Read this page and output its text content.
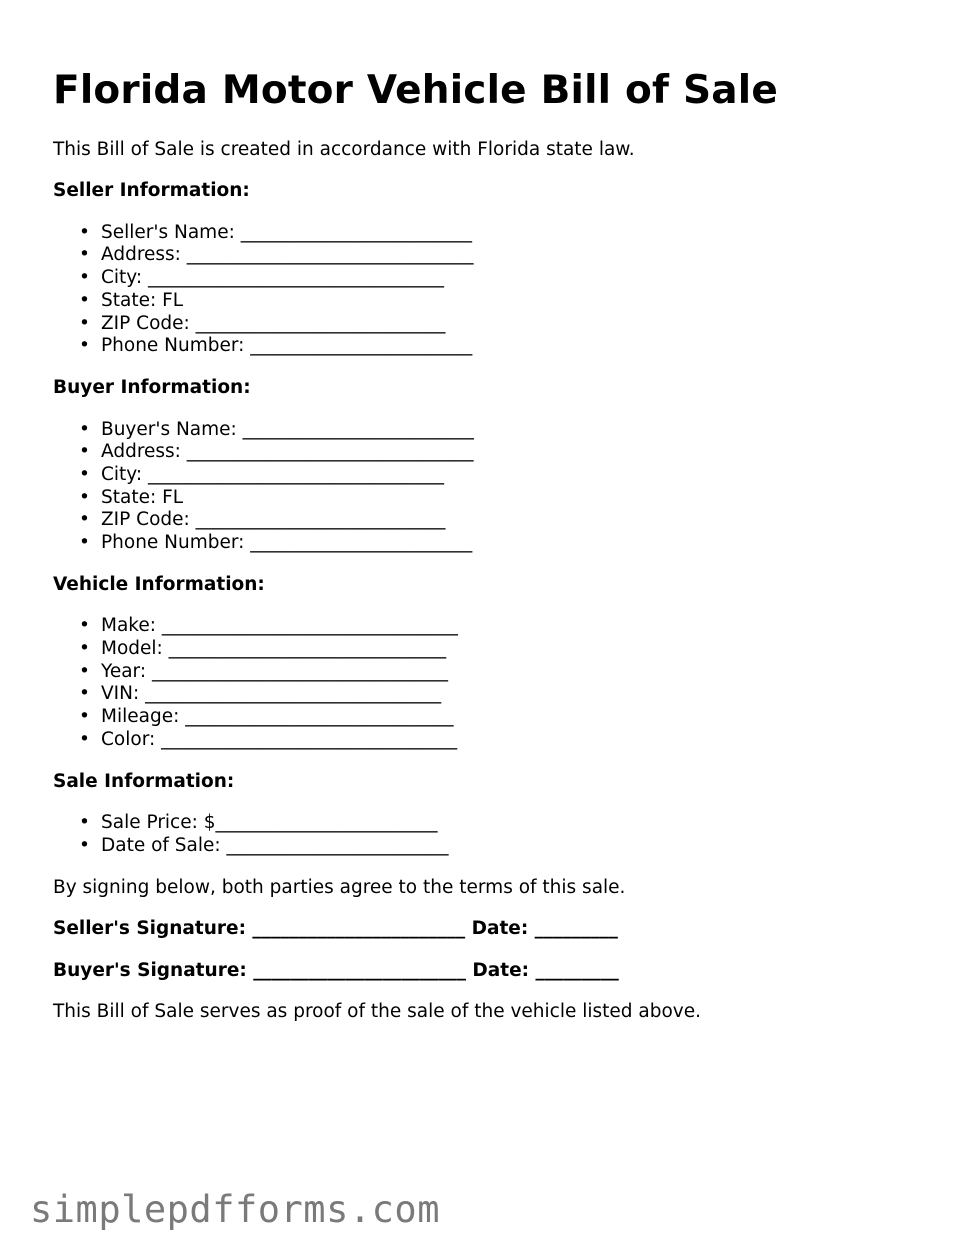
Florida Motor Vehicle Bill of Sale

This Bill of Sale is created in accordance with Florida state law.

Seller Information:

• Seller's Name: _________________________
• Address: _______________________________
• City: ________________________________
• State: FL
• ZIP Code: ___________________________
• Phone Number: ________________________

Buyer Information:

• Buyer's Name: _________________________
• Address: _______________________________
• City: ________________________________
• State: FL
• ZIP Code: ___________________________
• Phone Number: ________________________

Vehicle Information:

• Make: ________________________________
• Model: ______________________________
• Year: ________________________________
• VIN: ________________________________
• Mileage: _____________________________
• Color: ________________________________

Sale Information:

• Sale Price: $________________________
• Date of Sale: ________________________

By signing below, both parties agree to the terms of this sale.

Seller's Signature: _______________________ Date: _________

Buyer's Signature: _______________________ Date: _________

This Bill of Sale serves as proof of the sale of the vehicle listed above.

simplepdfforms.com
